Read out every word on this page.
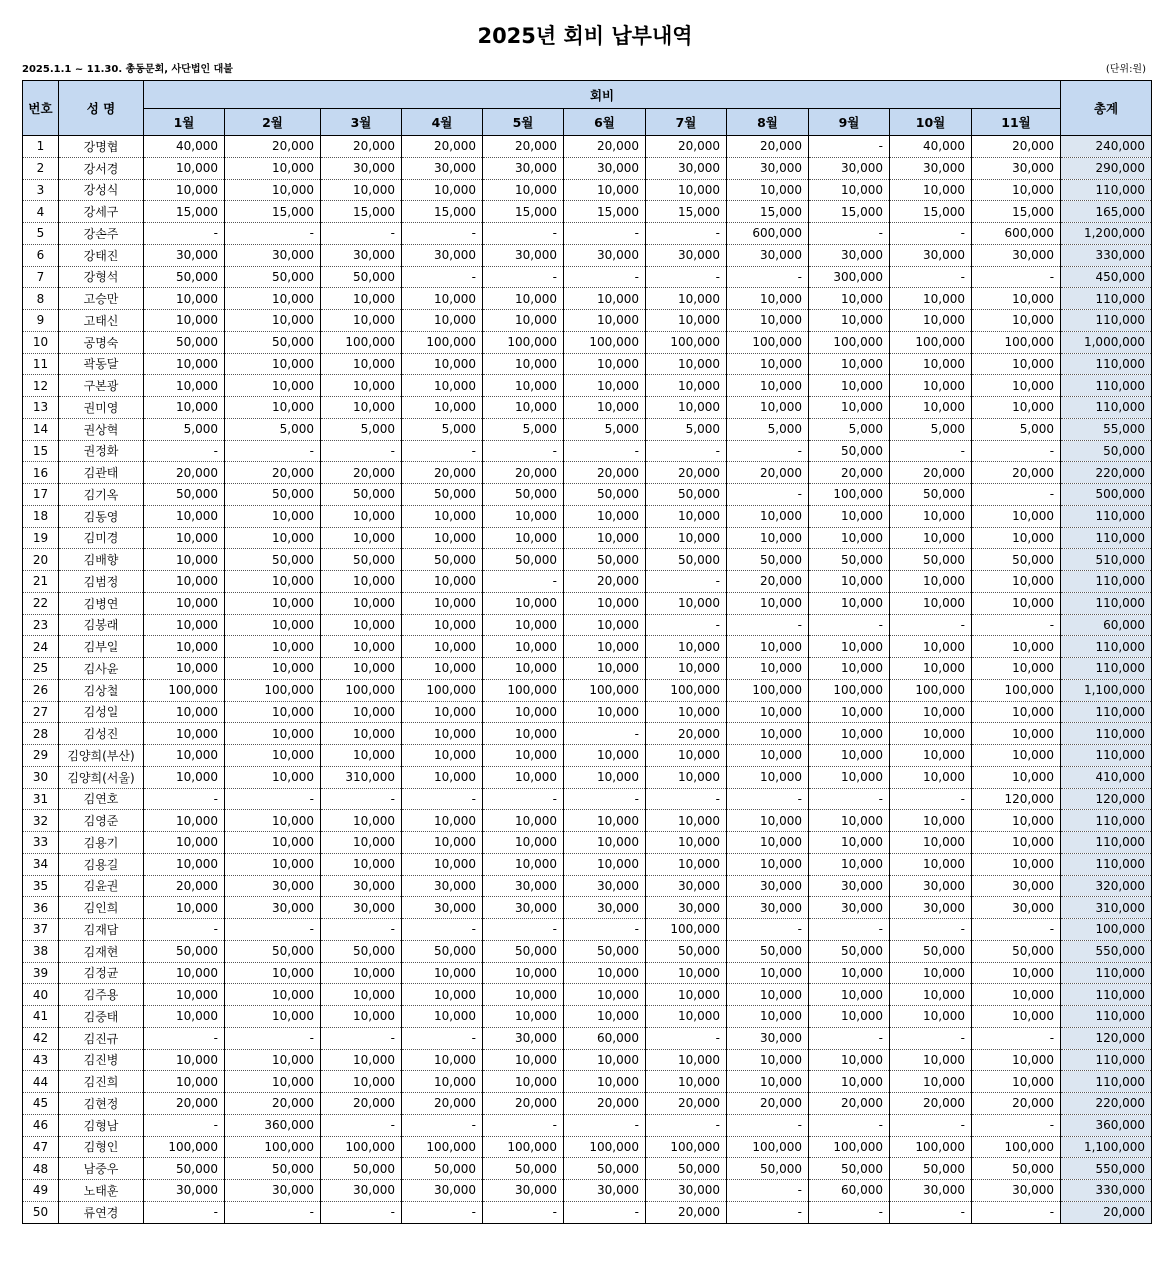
2025년 회비 납부내역
2025.1.1 ~ 11.30. 총동문회, 사단법인 대불	(단위:원)
번호	성 명	회비											총계
		1월	2월	3월	4월	5월	6월	7월	8월	9월	10월	11월	
1	강명협	40,000	20,000	20,000	20,000	20,000	20,000	20,000	20,000	-	40,000	20,000	240,000
2	강서경	10,000	10,000	30,000	30,000	30,000	30,000	30,000	30,000	30,000	30,000	30,000	290,000
3	강성식	10,000	10,000	10,000	10,000	10,000	10,000	10,000	10,000	10,000	10,000	10,000	110,000
4	강세구	15,000	15,000	15,000	15,000	15,000	15,000	15,000	15,000	15,000	15,000	15,000	165,000
5	강손주	-	-	-	-	-	-	-	600,000	-	-	600,000	1,200,000
6	강태진	30,000	30,000	30,000	30,000	30,000	30,000	30,000	30,000	30,000	30,000	30,000	330,000
7	강형석	50,000	50,000	50,000	-	-	-	-	-	300,000	-	-	450,000
8	고승만	10,000	10,000	10,000	10,000	10,000	10,000	10,000	10,000	10,000	10,000	10,000	110,000
9	고태신	10,000	10,000	10,000	10,000	10,000	10,000	10,000	10,000	10,000	10,000	10,000	110,000
10	공명숙	50,000	50,000	100,000	100,000	100,000	100,000	100,000	100,000	100,000	100,000	100,000	1,000,000
11	곽동달	10,000	10,000	10,000	10,000	10,000	10,000	10,000	10,000	10,000	10,000	10,000	110,000
12	구본광	10,000	10,000	10,000	10,000	10,000	10,000	10,000	10,000	10,000	10,000	10,000	110,000
13	권미영	10,000	10,000	10,000	10,000	10,000	10,000	10,000	10,000	10,000	10,000	10,000	110,000
14	권상혁	5,000	5,000	5,000	5,000	5,000	5,000	5,000	5,000	5,000	5,000	5,000	55,000
15	권정화	-	-	-	-	-	-	-	-	50,000	-	-	50,000
16	김관태	20,000	20,000	20,000	20,000	20,000	20,000	20,000	20,000	20,000	20,000	20,000	220,000
17	김기옥	50,000	50,000	50,000	50,000	50,000	50,000	50,000	-	100,000	50,000	-	500,000
18	김동영	10,000	10,000	10,000	10,000	10,000	10,000	10,000	10,000	10,000	10,000	10,000	110,000
19	김미경	10,000	10,000	10,000	10,000	10,000	10,000	10,000	10,000	10,000	10,000	10,000	110,000
20	김배향	10,000	50,000	50,000	50,000	50,000	50,000	50,000	50,000	50,000	50,000	50,000	510,000
21	김범정	10,000	10,000	10,000	10,000	-	20,000	-	20,000	10,000	10,000	10,000	110,000
22	김병연	10,000	10,000	10,000	10,000	10,000	10,000	10,000	10,000	10,000	10,000	10,000	110,000
23	김봉래	10,000	10,000	10,000	10,000	10,000	10,000	-	-	-	-	-	60,000
24	김부일	10,000	10,000	10,000	10,000	10,000	10,000	10,000	10,000	10,000	10,000	10,000	110,000
25	김사윤	10,000	10,000	10,000	10,000	10,000	10,000	10,000	10,000	10,000	10,000	10,000	110,000
26	김상철	100,000	100,000	100,000	100,000	100,000	100,000	100,000	100,000	100,000	100,000	100,000	1,100,000
27	김성일	10,000	10,000	10,000	10,000	10,000	10,000	10,000	10,000	10,000	10,000	10,000	110,000
28	김성진	10,000	10,000	10,000	10,000	10,000	-	20,000	10,000	10,000	10,000	10,000	110,000
29	김양희(부산)	10,000	10,000	10,000	10,000	10,000	10,000	10,000	10,000	10,000	10,000	10,000	110,000
30	김양희(서울)	10,000	10,000	310,000	10,000	10,000	10,000	10,000	10,000	10,000	10,000	10,000	410,000
31	김연호	-	-	-	-	-	-	-	-	-	-	120,000	120,000
32	김영준	10,000	10,000	10,000	10,000	10,000	10,000	10,000	10,000	10,000	10,000	10,000	110,000
33	김용기	10,000	10,000	10,000	10,000	10,000	10,000	10,000	10,000	10,000	10,000	10,000	110,000
34	김용길	10,000	10,000	10,000	10,000	10,000	10,000	10,000	10,000	10,000	10,000	10,000	110,000
35	김윤권	20,000	30,000	30,000	30,000	30,000	30,000	30,000	30,000	30,000	30,000	30,000	320,000
36	김인희	10,000	30,000	30,000	30,000	30,000	30,000	30,000	30,000	30,000	30,000	30,000	310,000
37	김재담	-	-	-	-	-	-	100,000	-	-	-	-	100,000
38	김재현	50,000	50,000	50,000	50,000	50,000	50,000	50,000	50,000	50,000	50,000	50,000	550,000
39	김정균	10,000	10,000	10,000	10,000	10,000	10,000	10,000	10,000	10,000	10,000	10,000	110,000
40	김주용	10,000	10,000	10,000	10,000	10,000	10,000	10,000	10,000	10,000	10,000	10,000	110,000
41	김중태	10,000	10,000	10,000	10,000	10,000	10,000	10,000	10,000	10,000	10,000	10,000	110,000
42	김진규	-	-	-	-	30,000	60,000	-	30,000	-	-	-	120,000
43	김진병	10,000	10,000	10,000	10,000	10,000	10,000	10,000	10,000	10,000	10,000	10,000	110,000
44	김진희	10,000	10,000	10,000	10,000	10,000	10,000	10,000	10,000	10,000	10,000	10,000	110,000
45	김현정	20,000	20,000	20,000	20,000	20,000	20,000	20,000	20,000	20,000	20,000	20,000	220,000
46	김형남	-	360,000	-	-	-	-	-	-	-	-	-	360,000
47	김형인	100,000	100,000	100,000	100,000	100,000	100,000	100,000	100,000	100,000	100,000	100,000	1,100,000
48	남중우	50,000	50,000	50,000	50,000	50,000	50,000	50,000	50,000	50,000	50,000	50,000	550,000
49	노태훈	30,000	30,000	30,000	30,000	30,000	30,000	30,000	-	60,000	30,000	30,000	330,000
50	류연경	-	-	-	-	-	-	20,000	-	-	-	-	20,000
